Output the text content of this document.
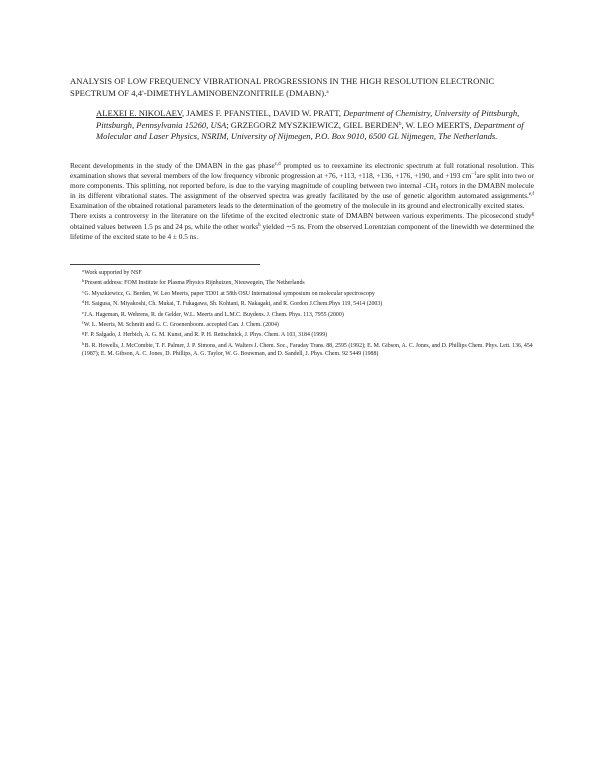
ANALYSIS OF LOW FREQUENCY VIBRATIONAL PROGRESSIONS IN THE HIGH RESOLUTION ELECTRONIC SPECTRUM OF 4,4'-DIMETHYLAMINOBENZONITRILE (DMABN).$^a$
ALEXEI E. NIKOLAEV, JAMES F. PFANSTIEL, DAVID W. PRATT, Department of Chemistry, University of Pittsburgh, Pittsburgh, Pennsylvania 15260, USA; GRZEGORZ MYSZKIEWICZ, GIEL BERDEN$^b$, W. LEO MEERTS, Department of Molecular and Laser Physics, NSRIM, University of Nijmegen, P.O. Box 9010, 6500 GL Nijmegen, The Netherlands.

Recent developments in the study of the DMABN in the gas phase$^{c,d}$ prompted us to reexamine its electronic spectrum at full rotational resolution. This examination shows that several members of the low frequency vibronic progression at +76, +113, +118, +136, +176, +190, and +193 $cm^{-1}are$ split into two or more components. This splitting, not reported before, is due to the varying magnitude of coupling between two internal $-CH_3$ rotors in the DMABN molecule in its different vibrational states. The assignment of the observed spectra was greatly facilitated by the use of genetic algorithm automated assignments.$^{e,f}$ Examination of the obtained rotational parameters leads to the determination of the geometry of the molecule in its ground and electronically excited states.

There exists a controversy in the literature on the lifetime of the excited electronic state of DMABN between various experiments. The picosecond study$^g$ obtained values between 1.5 ps and 24 ps, while the other works$^h$ yielded ∼5 ns. From the observed Lorentzian component of the linewidth we determined the lifetime of the excited state to be 4 ± 0.5 ns.

$^a$Work supported by NSF
$^b$Present address: FOM Institute for Plasma Physics Rijnhuizen, Nieuwegein, The Netherlands
$^c$G. Myszkiewicz, G. Berden, W. Leo Meerts, paper TD01 at 58th OSU International symposium on molecular spectroscopy
$^d$H. Saigusa, N. Miyakoshi, Ch. Mukai, T. Fukagawa, Sh. Kohtani, R. Nakagaki, and R. Gordon J.Chem.Phys 119, 5414 (2003)
$^e$J.A. Hageman, R. Wehrens, R. de Gelder, W.L. Meerts and L.M.C. Buydens. J. Chem. Phys. 113, 7955 (2000)
$^f$W. L. Meerts, M. Schmitt and G. C. Groenenboom. accepted Can. J. Chem. (2004)
$^g$F. P. Salgado, J. Herbich, A. G. M. Kunst, and R. P. H. Rettschnick, J. Phys. Chem. A 103, 3184 (1999)
$^h$B. R. Howells, J. McCombie, T. F. Palmer, J. P. Simons, and A. Walters J. Chem. Soc., Faraday Trans. 88, 2595 (1992); E. M. Gibson, A. C. Jones, and D. Phillips Chem. Phys. Lett. 136, 454 (1987); E. M. Gibson, A. C. Jones, D. Phillips, A. G. Taylor, W. G. Bouwman, and D. Sandell, J. Phys. Chem. 92 5449 (1988)
